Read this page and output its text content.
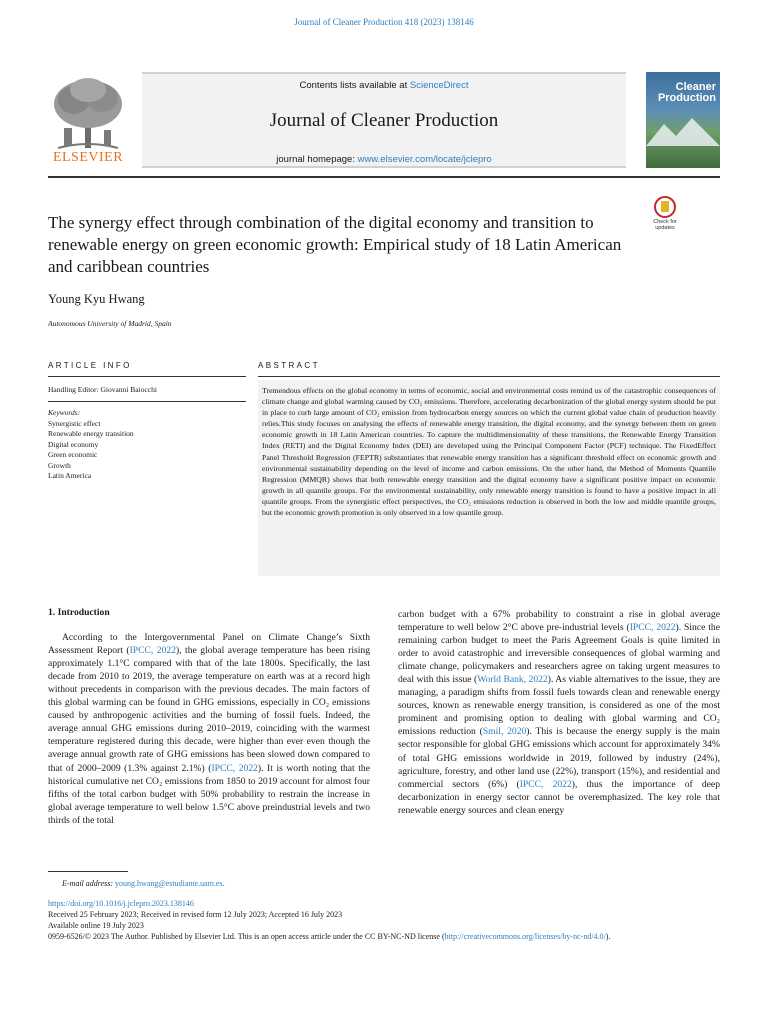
Journal of Cleaner Production 418 (2023) 138146
ELSEVIER
Contents lists available at ScienceDirect
Journal of Cleaner Production
journal homepage: www.elsevier.com/locate/jclepro
Cleaner Production
Check for updates
The synergy effect through combination of the digital economy and transition to renewable energy on green economic growth: Empirical study of 18 Latin American and caribbean countries
Young Kyu Hwang
Autonomous University of Madrid, Spain
ARTICLE INFO	ABSTRACT
Handling Editor: Giovanni Baiocchi
Keywords:
Synergistic effect
Renewable energy transition
Digital economy
Green economic
Growth
Latin America

Tremendous effects on the global economy in terms of economic, social and environmental costs remind us of the catastrophic consequences of climate change and global warming caused by CO₂ emissions. Therefore, accelerating decarbonization of the global energy system should be put in place to curb large amount of CO₂ emission from hydrocarbon energy sources on which the current global value chain of production heavily relies.This study focuses on analysing the effects of renewable energy transition, the digital economy, and the synergy between them on green economic growth in 18 Latin American countries. To capture the multidimensionality of these transitions, the Renewable Energy Transition Index (RETI) and the Digital Economy Index (DEI) are developed using the Principal Component Factor (PCF) technique. The FixedEffect Panel Threshold Regression (FEPTR) substantiates that renewable energy transition has a significant threshold effect on economic growth and environmental sustainability depending on the level of income and carbon emissions. On the other hand, the Method of Moments Quantile Regression (MMQR) shows that both renewable energy transition and the digital economy have a significant positive impact on economic growth in all quantile groups. For the environmental sustainability, only renewable energy transition is found to have a positive impact in all quantile groups. From the synergistic effect perspectives, the CO₂ emissions reduction is observed in both the low and middle quantile groups, but the economic growth promotion is only observed in a low quantile group.

1. Introduction

According to the Intergovernmental Panel on Climate Change’s Sixth Assessment Report (IPCC, 2022), the global average temperature has been rising approximately 1.1°C compared with that of the late 1800s. Specifically, the last decade from 2010 to 2019, the average temperature on earth was at a record high without precedents in comparison with the previous decades. The main factors of this global warming can be found in GHG emissions, especially in CO₂ emissions caused by anthropogenic activities and the burning of fossil fuels. Indeed, the average annual GHG emissions during 2010–2019, coinciding with the warmest temperature registered during this decade, were higher than ever even though the average annual growth rate of GHG emissions has been slowed down compared to that of 2000–2009 (1.3% against 2.1%) (IPCC, 2022). It is worth noting that the historical cumulative net CO₂ emissions from 1850 to 2019 account for almost four fifths of the total carbon budget with 50% probability to restrain the increase in global average temperature to well below 1.5°C above preindustrial levels and two thirds of the total

carbon budget with a 67% probability to constraint a rise in global average temperature to well below 2°C above pre-industrial levels (IPCC, 2022). Since the remaining carbon budget to meet the Paris Agreement Goals is quite limited in order to avoid catastrophic and irreversible consequences of global warming and climate change, policymakers and researchers agree on taking urgent measures to deal with this issue (World Bank, 2022). As viable alternatives to the issue, they are managing, a paradigm shifts from fossil fuels towards clean and renewable energy sources, known as renewable energy transition, is considered as one of the most prominent and promising option to dealing with global warming and CO₂ emissions reduction (Smil, 2020). This is because the energy supply is the main sector responsible for global GHG emissions which account for approximately 34% of total GHG emissions worldwide in 2019, followed by industry (24%), agriculture, forestry, and other land use (22%), transport (15%), and residential and commercial sectors (6%) (IPCC, 2022), thus the importance of deep decarbonization in energy sector cannot be overemphasized. The key role that renewable energy sources and clean energy

E-mail address: young.hwang@estudiante.uam.es.
https://doi.org/10.1016/j.jclepro.2023.138146
Received 25 February 2023; Received in revised form 12 July 2023; Accepted 16 July 2023
Available online 19 July 2023
0959-6526/© 2023 The Author. Published by Elsevier Ltd. This is an open access article under the CC BY-NC-ND license (http://creativecommons.org/licenses/by-nc-nd/4.0/).
